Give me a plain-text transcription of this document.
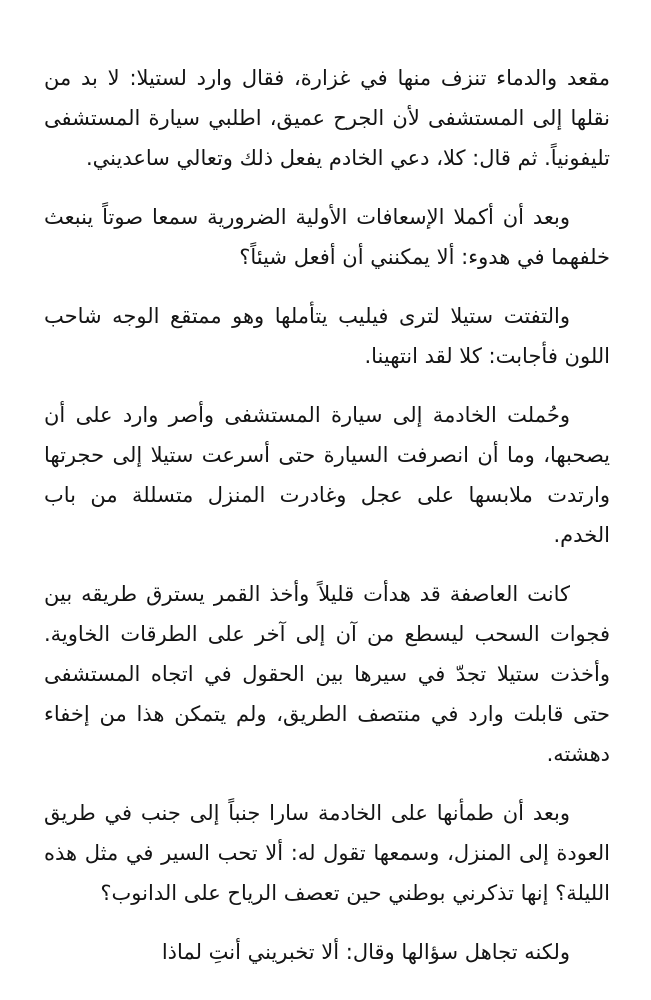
مقعد والدماء تنزف منها في غزارة، فقال وارد لستيلا: لا بد من نقلها إلى المستشفى لأن الجرح عميق، اطلبي سيارة المستشفى تليفونياً. ثم قال: كلا، دعي الخادم يفعل ذلك وتعالي ساعديني.

وبعد أن أكملا الإسعافات الأولية الضرورية سمعا صوتاً ينبعث خلفهما في هدوء: ألا يمكنني أن أفعل شيئاً؟

والتفتت ستيلا لترى فيليب يتأملها وهو ممتقع الوجه شاحب اللون فأجابت: كلا لقد انتهينا.

وحُملت الخادمة إلى سيارة المستشفى وأصر وارد على أن يصحبها، وما أن انصرفت السيارة حتى أسرعت ستيلا إلى حجرتها وارتدت ملابسها على عجل وغادرت المنزل متسللة من باب الخدم.

كانت العاصفة قد هدأت قليلاً وأخذ القمر يسترق طريقه بين فجوات السحب ليسطع من آن إلى آخر على الطرقات الخاوية. وأخذت ستيلا تجدّ في سيرها بين الحقول في اتجاه المستشفى حتى قابلت وارد في منتصف الطريق، ولم يتمكن هذا من إخفاء دهشته.

وبعد أن طمأنها على الخادمة سارا جنباً إلى جنب في طريق العودة إلى المنزل، وسمعها تقول له: ألا تحب السير في مثل هذه الليلة؟ إنها تذكرني بوطني حين تعصف الرياح على الدانوب؟

ولكنه تجاهل سؤالها وقال: ألا تخبريني أنتِ لماذا
